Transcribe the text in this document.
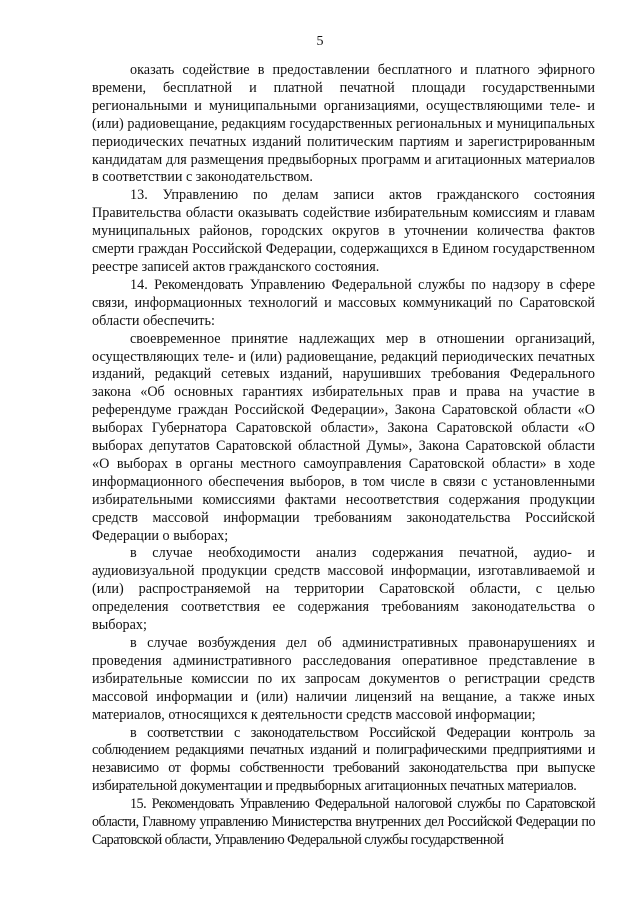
5

оказать содействие в предоставлении бесплатного и платного эфирного времени, бесплатной и платной печатной площади государственными региональными и муниципальными организациями, осуществляющими теле- и (или) радиовещание, редакциям государственных региональных и муниципальных периодических печатных изданий политическим партиям и зарегистрированным кандидатам для размещения предвыборных программ и агитационных материалов в соответствии с законодательством.

13. Управлению по делам записи актов гражданского состояния Правительства области оказывать содействие избирательным комиссиям и главам муниципальных районов, городских округов в уточнении количества фактов смерти граждан Российской Федерации, содержащихся в Едином государственном реестре записей актов гражданского состояния.

14. Рекомендовать Управлению Федеральной службы по надзору в сфере связи, информационных технологий и массовых коммуникаций по Саратовской области обеспечить:

своевременное принятие надлежащих мер в отношении организаций, осуществляющих теле- и (или) радиовещание, редакций периодических печатных изданий, редакций сетевых изданий, нарушивших требования Федерального закона «Об основных гарантиях избирательных прав и права на участие в референдуме граждан Российской Федерации», Закона Саратовской области «О выборах Губернатора Саратовской области», Закона Саратовской области «О выборах депутатов Саратовской областной Думы», Закона Саратовской области «О выборах в органы местного самоуправления Саратовской области» в ходе информационного обеспечения выборов, в том числе в связи с установленными избирательными комиссиями фактами несоответствия содержания продукции средств массовой информации требованиям законодательства Российской Федерации о выборах;

в случае необходимости анализ содержания печатной, аудио- и аудиовизуальной продукции средств массовой информации, изготавливаемой и (или) распространяемой на территории Саратовской области, с целью определения соответствия ее содержания требованиям законодательства о выборах;

в случае возбуждения дел об административных правонарушениях и проведения административного расследования оперативное представление в избирательные комиссии по их запросам документов о регистрации средств массовой информации и (или) наличии лицензий на вещание, а также иных материалов, относящихся к деятельности средств массовой информации;

в соответствии с законодательством Российской Федерации контроль за соблюдением редакциями печатных изданий и полиграфическими предприятиями и независимо от формы собственности требований законодательства при выпуске избирательной документации и предвыборных агитационных печатных материалов.

15. Рекомендовать Управлению Федеральной налоговой службы по Саратовской области, Главному управлению Министерства внутренних дел Российской Федерации по Саратовской области, Управлению Федеральной службы государственной
